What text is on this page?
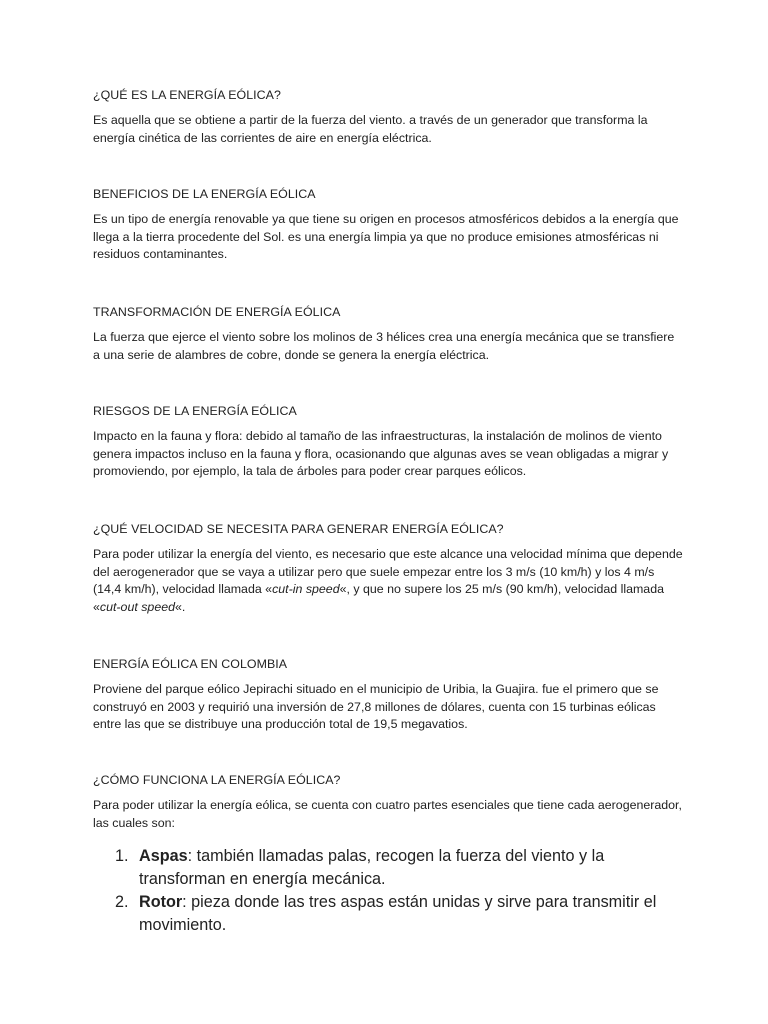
¿QUÉ ES LA ENERGÍA EÓLICA?

Es aquella que se obtiene a partir de la fuerza del viento. a través de un generador que transforma la energía cinética de las corrientes de aire en energía eléctrica.

BENEFICIOS DE LA ENERGÍA EÓLICA

Es un tipo de energía renovable ya que tiene su origen en procesos atmosféricos debidos a la energía que llega a la tierra procedente del Sol. es una energía limpia ya que no produce emisiones atmosféricas ni residuos contaminantes.

TRANSFORMACIÓN DE ENERGÍA EÓLICA

La fuerza que ejerce el viento sobre los molinos de 3 hélices crea una energía mecánica que se transfiere a una serie de alambres de cobre, donde se genera la energía eléctrica.

RIESGOS DE LA ENERGÍA EÓLICA

Impacto en la fauna y flora: debido al tamaño de las infraestructuras, la instalación de molinos de viento genera impactos incluso en la fauna y flora, ocasionando que algunas aves se vean obligadas a migrar y promoviendo, por ejemplo, la tala de árboles para poder crear parques eólicos.

¿QUÉ VELOCIDAD SE NECESITA PARA GENERAR ENERGÍA EÓLICA?

Para poder utilizar la energía del viento, es necesario que este alcance una velocidad mínima que depende del aerogenerador que se vaya a utilizar pero que suele empezar entre los 3 m/s (10 km/h) y los 4 m/s (14,4 km/h), velocidad llamada «cut-in speed«, y que no supere los 25 m/s (90 km/h), velocidad llamada «cut-out speed«.

ENERGÍA EÓLICA EN COLOMBIA

Proviene del parque eólico Jepirachi situado en el municipio de Uribia, la Guajira. fue el primero que se construyó en 2003 y requirió una inversión de 27,8 millones de dólares, cuenta con 15 turbinas eólicas entre las que se distribuye una producción total de 19,5 megavatios.

¿CÓMO FUNCIONA LA ENERGÍA EÓLICA?

Para poder utilizar la energía eólica, se cuenta con cuatro partes esenciales que tiene cada aerogenerador, las cuales son:

1. Aspas: también llamadas palas, recogen la fuerza del viento y la transforman en energía mecánica.
2. Rotor: pieza donde las tres aspas están unidas y sirve para transmitir el movimiento.
